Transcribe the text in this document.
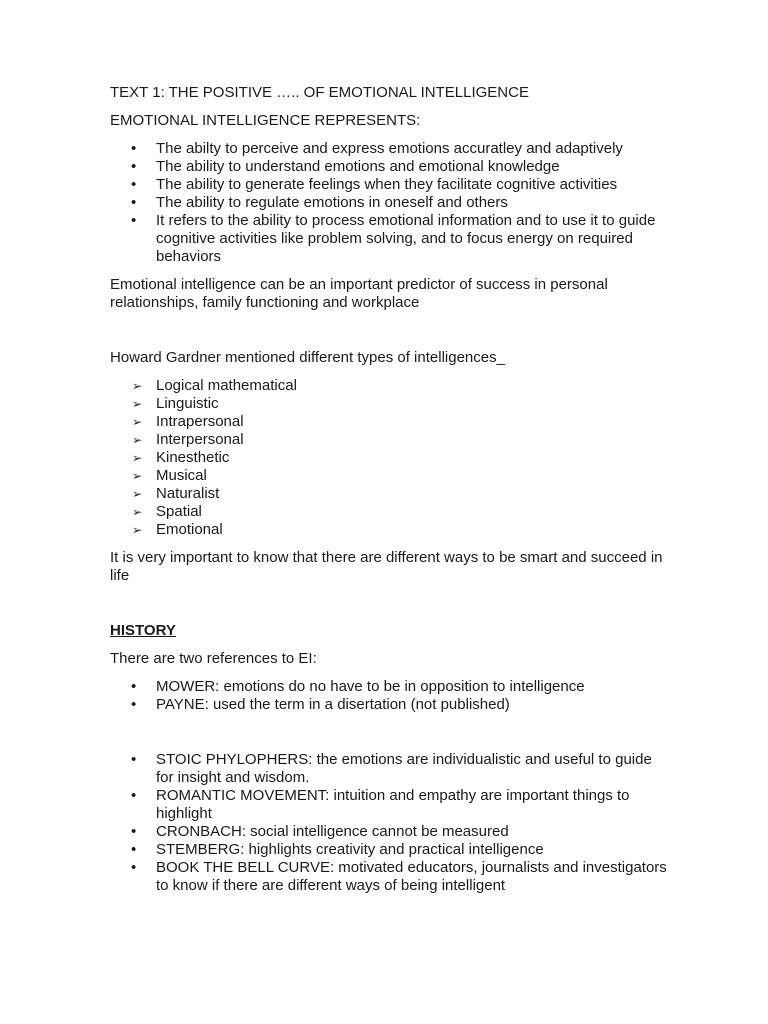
TEXT 1: THE POSITIVE ….. OF EMOTIONAL INTELLIGENCE

EMOTIONAL INTELLIGENCE REPRESENTS:

• The abilty to perceive and express emotions accuratley and adaptively
• The ability to understand emotions and emotional knowledge
• The ability to generate feelings when they facilitate cognitive activities
• The ability to regulate emotions in oneself and others
• It refers to the ability to process emotional information and to use it to guide cognitive activities like problem solving, and to focus energy on required behaviors

Emotional intelligence can be an important predictor of success in personal relationships, family functioning and workplace

Howard Gardner mentioned different types of intelligences_

➢ Logical mathematical
➢ Linguistic
➢ Intrapersonal
➢ Interpersonal
➢ Kinesthetic
➢ Musical
➢ Naturalist
➢ Spatial
➢ Emotional

It is very important to know that there are different ways to be smart and succeed in life

HISTORY

There are two references to EI:

• MOWER: emotions do no have to be in opposition to intelligence
• PAYNE: used the term in a disertation (not published)
• STOIC PHYLOPHERS: the emotions are individualistic and useful to guide for insight and wisdom.
• ROMANTIC MOVEMENT: intuition and empathy are important things to highlight
• CRONBACH: social intelligence cannot be measured
• STEMBERG: highlights creativity and practical intelligence
• BOOK THE BELL CURVE: motivated educators, journalists and investigators to know if there are different ways of being intelligent
